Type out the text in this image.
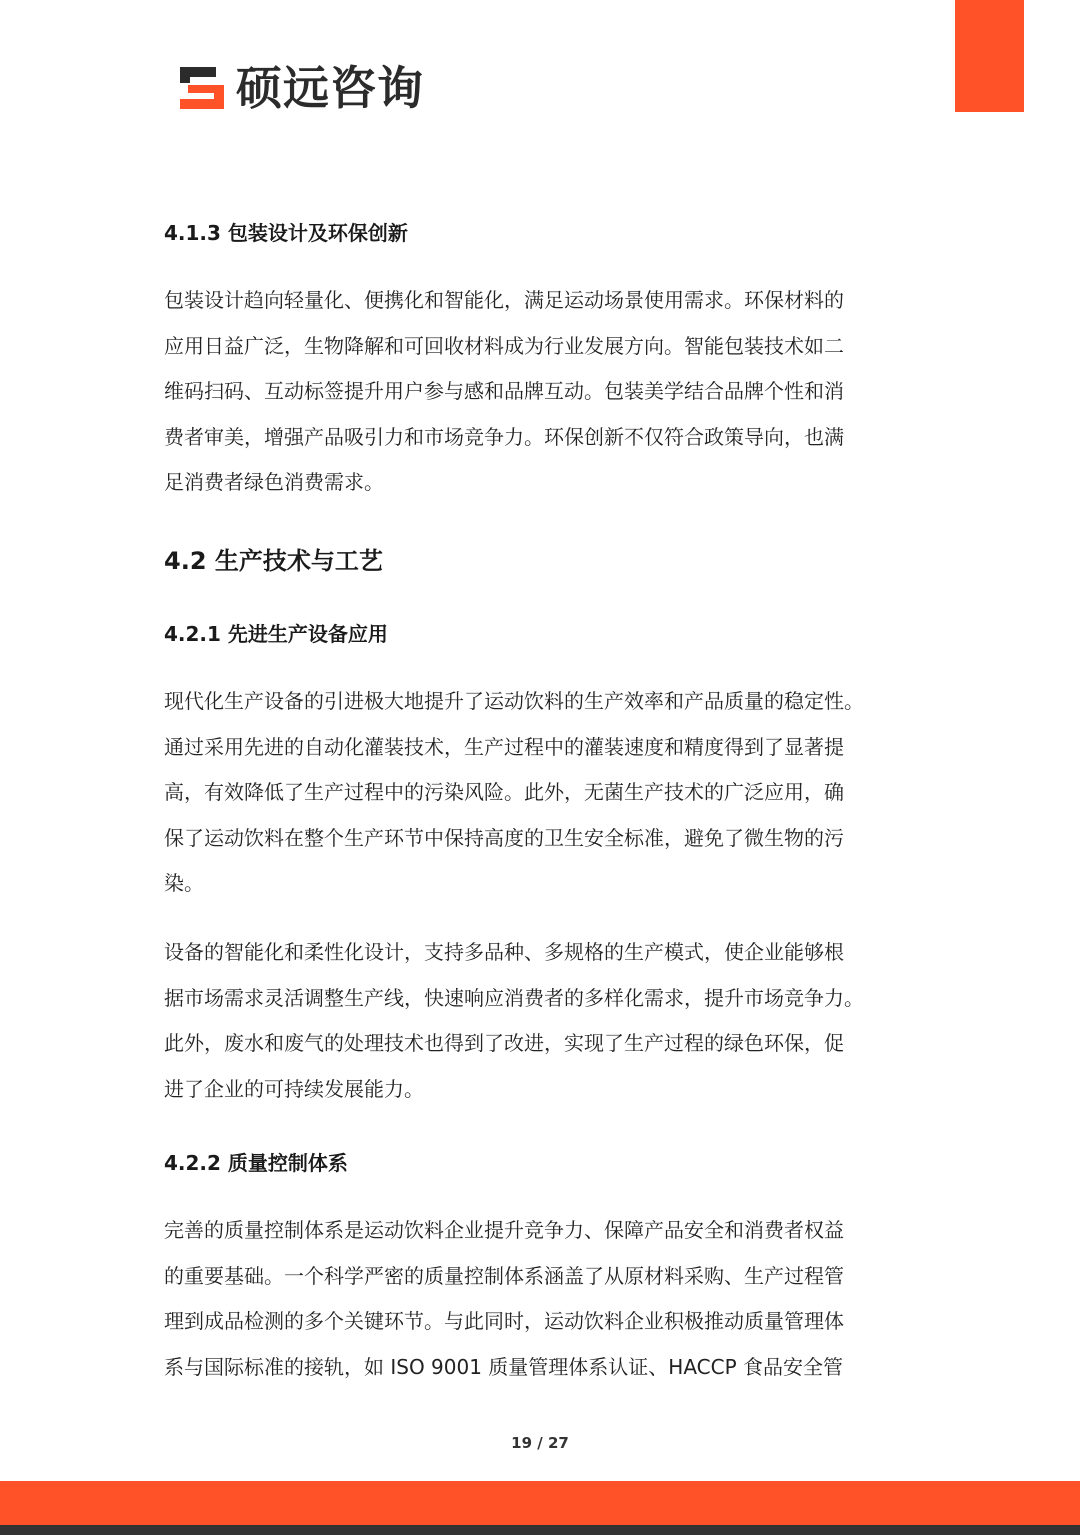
硕远咨询
4.1.3 包装设计及环保创新

包装设计趋向轻量化、便携化和智能化，满足运动场景使用需求。环保材料的
应用日益广泛，生物降解和可回收材料成为行业发展方向。智能包装技术如二
维码扫码、互动标签提升用户参与感和品牌互动。包装美学结合品牌个性和消
费者审美，增强产品吸引力和市场竞争力。环保创新不仅符合政策导向，也满
足消费者绿色消费需求。

4.2 生产技术与工艺
4.2.1 先进生产设备应用

现代化生产设备的引进极大地提升了运动饮料的生产效率和产品质量的稳定性。
通过采用先进的自动化灌装技术，生产过程中的灌装速度和精度得到了显著提
高，有效降低了生产过程中的污染风险。此外，无菌生产技术的广泛应用，确
保了运动饮料在整个生产环节中保持高度的卫生安全标准，避免了微生物的污
染。

设备的智能化和柔性化设计，支持多品种、多规格的生产模式，使企业能够根
据市场需求灵活调整生产线，快速响应消费者的多样化需求，提升市场竞争力。
此外，废水和废气的处理技术也得到了改进，实现了生产过程的绿色环保，促
进了企业的可持续发展能力。

4.2.2 质量控制体系

完善的质量控制体系是运动饮料企业提升竞争力、保障产品安全和消费者权益
的重要基础。一个科学严密的质量控制体系涵盖了从原材料采购、生产过程管
理到成品检测的多个关键环节。与此同时，运动饮料企业积极推动质量管理体
系与国际标准的接轨，如 ISO 9001 质量管理体系认证、HACCP 食品安全管

19 / 27
